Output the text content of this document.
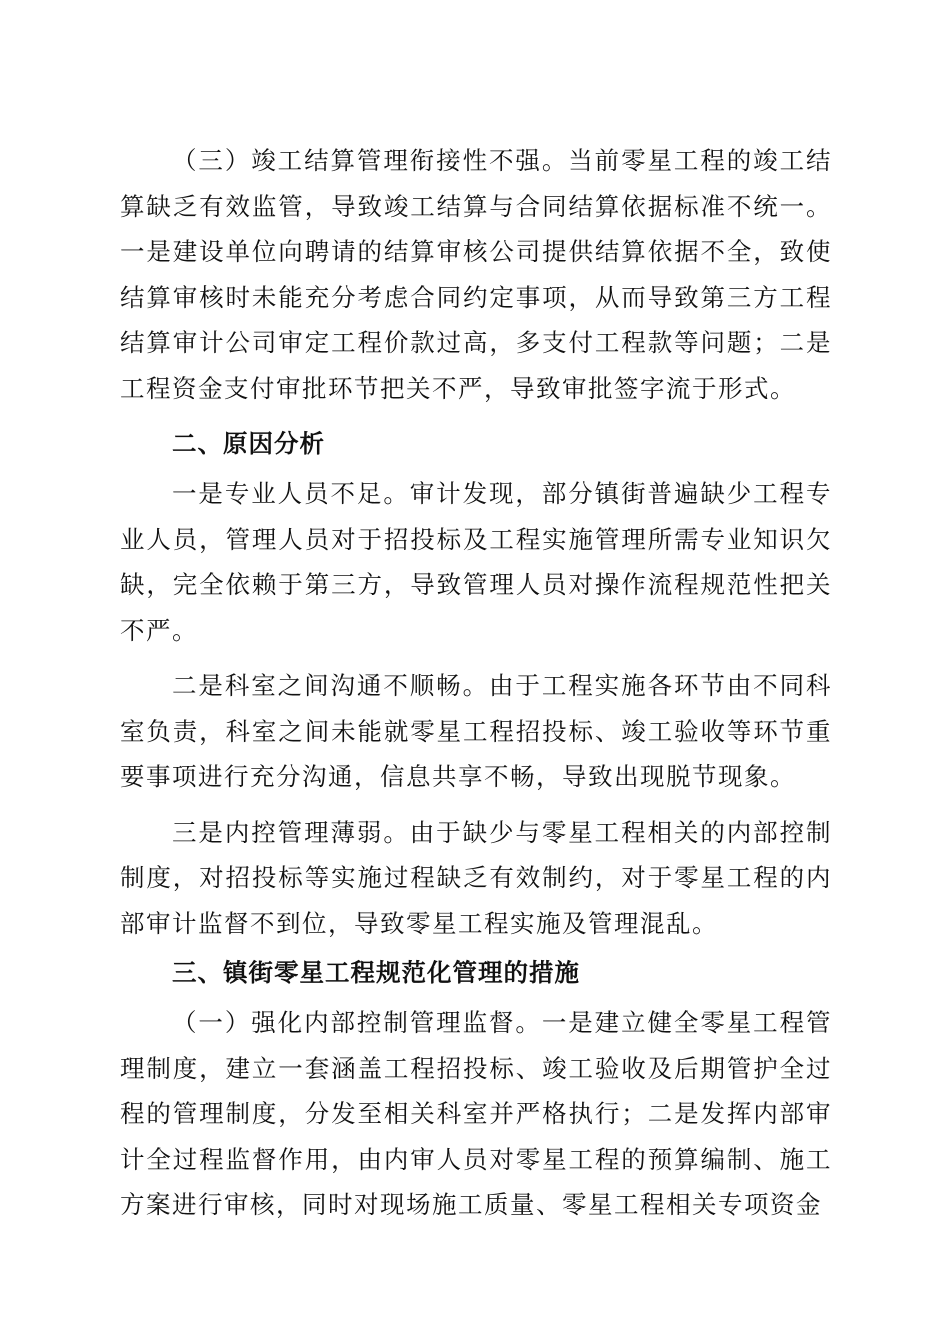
（三）竣工结算管理衔接性不强。当前零星工程的竣工结算缺乏有效监管，导致竣工结算与合同结算依据标准不统一。一是建设单位向聘请的结算审核公司提供结算依据不全，致使结算审核时未能充分考虑合同约定事项，从而导致第三方工程结算审计公司审定工程价款过高，多支付工程款等问题；二是工程资金支付审批环节把关不严，导致审批签字流于形式。

二、原因分析

一是专业人员不足。审计发现，部分镇街普遍缺少工程专业人员，管理人员对于招投标及工程实施管理所需专业知识欠缺，完全依赖于第三方，导致管理人员对操作流程规范性把关不严。

二是科室之间沟通不顺畅。由于工程实施各环节由不同科室负责，科室之间未能就零星工程招投标、竣工验收等环节重要事项进行充分沟通，信息共享不畅，导致出现脱节现象。

三是内控管理薄弱。由于缺少与零星工程相关的内部控制制度，对招投标等实施过程缺乏有效制约，对于零星工程的内部审计监督不到位，导致零星工程实施及管理混乱。

三、镇街零星工程规范化管理的措施

（一）强化内部控制管理监督。一是建立健全零星工程管理制度，建立一套涵盖工程招投标、竣工验收及后期管护全过程的管理制度，分发至相关科室并严格执行；二是发挥内部审计全过程监督作用，由内审人员对零星工程的预算编制、施工方案进行审核，同时对现场施工质量、零星工程相关专项资金
